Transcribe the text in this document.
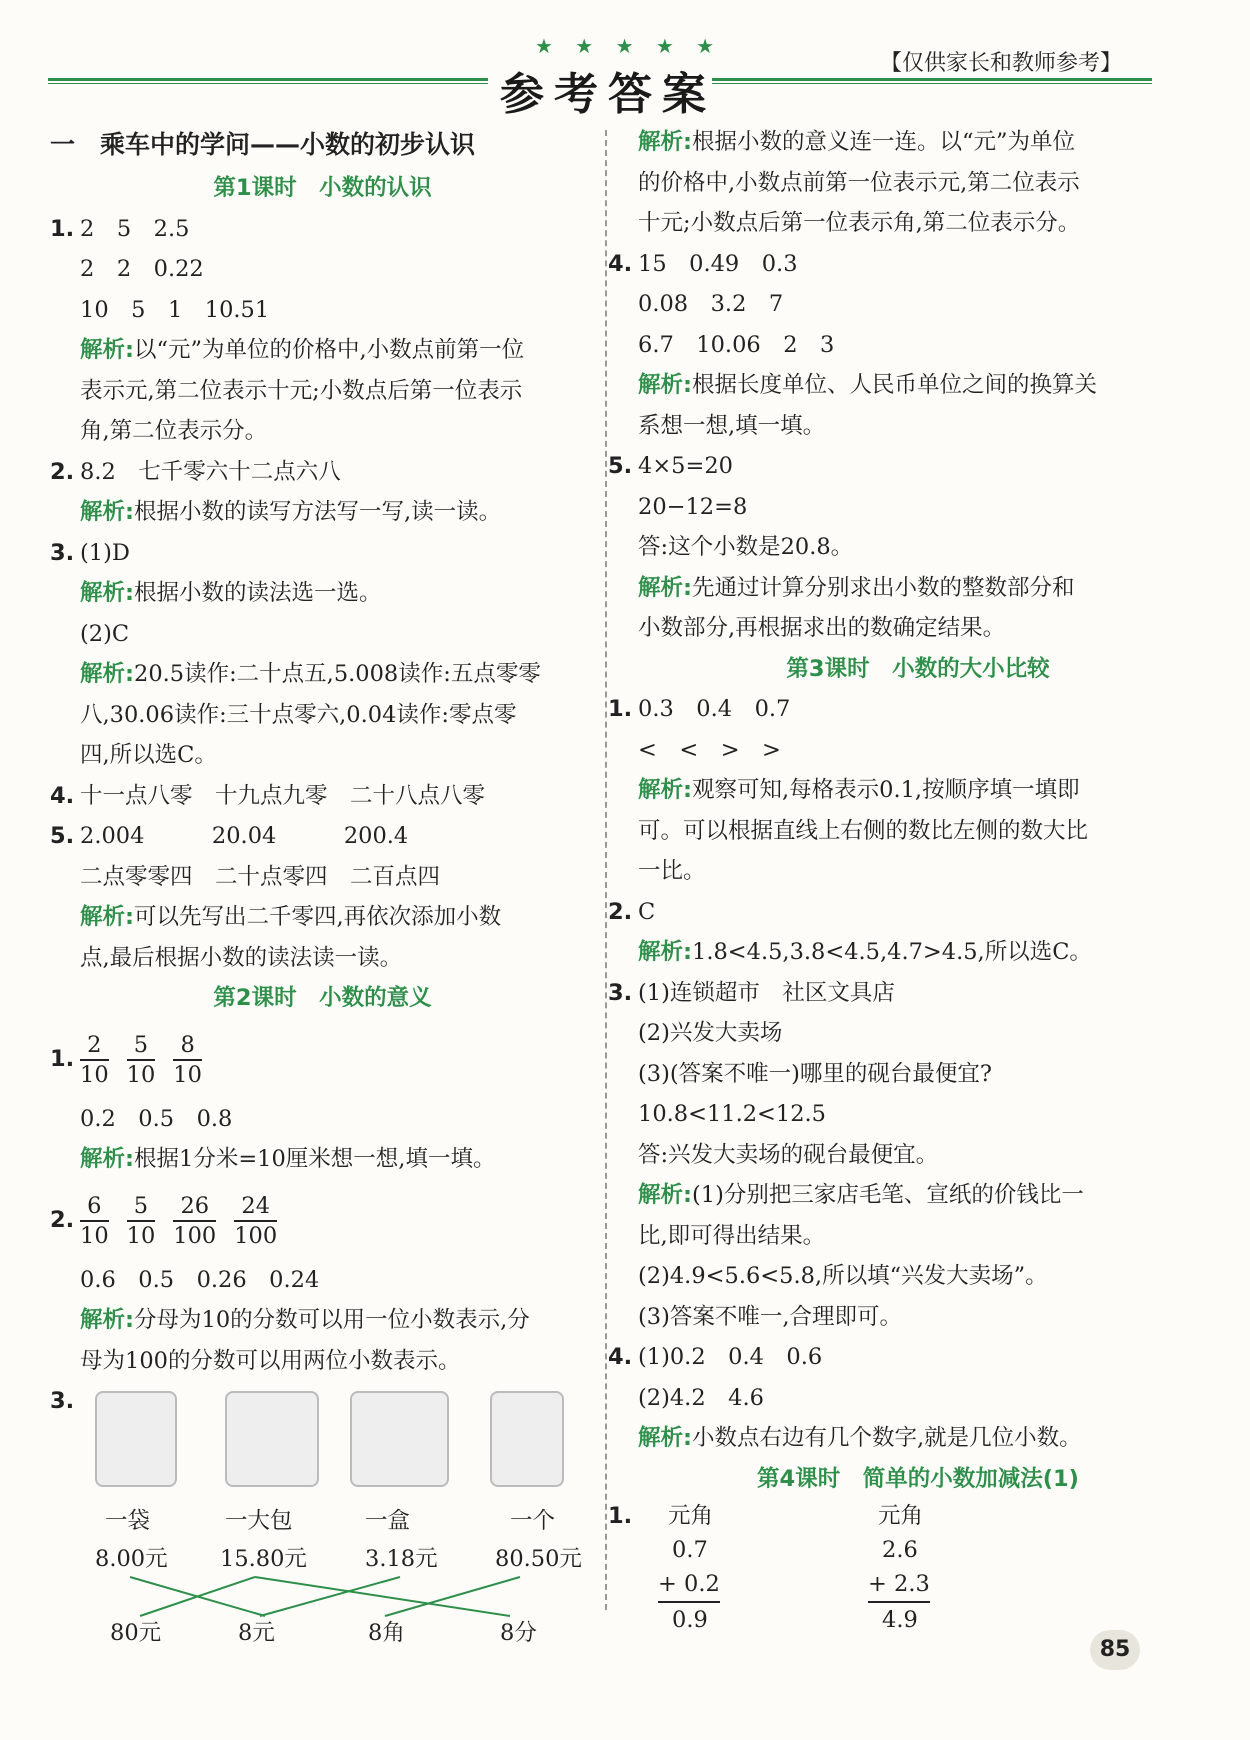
★ ★ ★ ★ ★
参考答案
【仅供家长和教师参考】
一　乘车中的学问——小数的初步认识
第1课时　小数的认识
1. 2　5　2.5
2　2　0.22
10　5　1　10.51
解析:以“元”为单位的价格中,小数点前第一位
表示元,第二位表示十元;小数点后第一位表示
角,第二位表示分。
2. 8.2　七千零六十二点六八
解析:根据小数的读写方法写一写,读一读。
3. (1)D
解析:根据小数的读法选一选。
(2)C
解析:20.5读作:二十点五,5.008读作:五点零零
八,30.06读作:三十点零六,0.04读作:零点零
四,所以选C。
4. 十一点八零　十九点九零　二十八点八零
5. 2.004　　　20.04　　　200.4
二点零零四　二十点零四　二百点四
解析:可以先写出二千零四,再依次添加小数
点,最后根据小数的读法读一读。
第2课时　小数的意义
1. $\frac{2}{10} \frac{5}{10} \frac{8}{10}$
0.2　0.5　0.8
解析:根据1分米=10厘米想一想,填一填。
2. $\frac{6}{10} \frac{5}{10} \frac{26}{100} \frac{24}{100}$
0.6　0.5　0.26　0.24
解析:分母为10的分数可以用一位小数表示,分
母为100的分数可以用两位小数表示。
3.
一袋	一大包	一盒	一个
8.00元 15.80元	3.18元	80.50元
80元	8元	8角	8分
解析:根据小数的意义连一连。以“元”为单位
的价格中,小数点前第一位表示元,第二位表示
十元;小数点后第一位表示角,第二位表示分。
4. 15　0.49　0.3
0.08　3.2　7
6.7　10.06　2　3
解析:根据长度单位、人民币单位之间的换算关
系想一想,填一填。
5. 4×5=20
20−12=8
答:这个小数是20.8。
解析:先通过计算分别求出小数的整数部分和
小数部分,再根据求出的数确定结果。
第3课时　小数的大小比较
1. 0.3　0.4　0.7
<　<　>　>
解析:观察可知,每格表示0.1,按顺序填一填即
可。可以根据直线上右侧的数比左侧的数大比
一比。
2. C
解析:1.8<4.5,3.8<4.5,4.7>4.5,所以选C。
3. (1)连锁超市　社区文具店
(2)兴发大卖场
(3)(答案不唯一)哪里的砚台最便宜?
10.8<11.2<12.5
答:兴发大卖场的砚台最便宜。
解析:(1)分别把三家店毛笔、宣纸的价钱比一
比,即可得出结果。
(2)4.9<5.6<5.8,所以填“兴发大卖场”。
(3)答案不唯一,合理即可。
4. (1)0.2　0.4　0.6
(2)4.2　4.6
解析:小数点右边有几个数字,就是几位小数。
第4课时　简单的小数加减法(1)
1.	元角
0.7
+ 0.2
0.9
元角
2.6
+ 2.3
4.9
85
